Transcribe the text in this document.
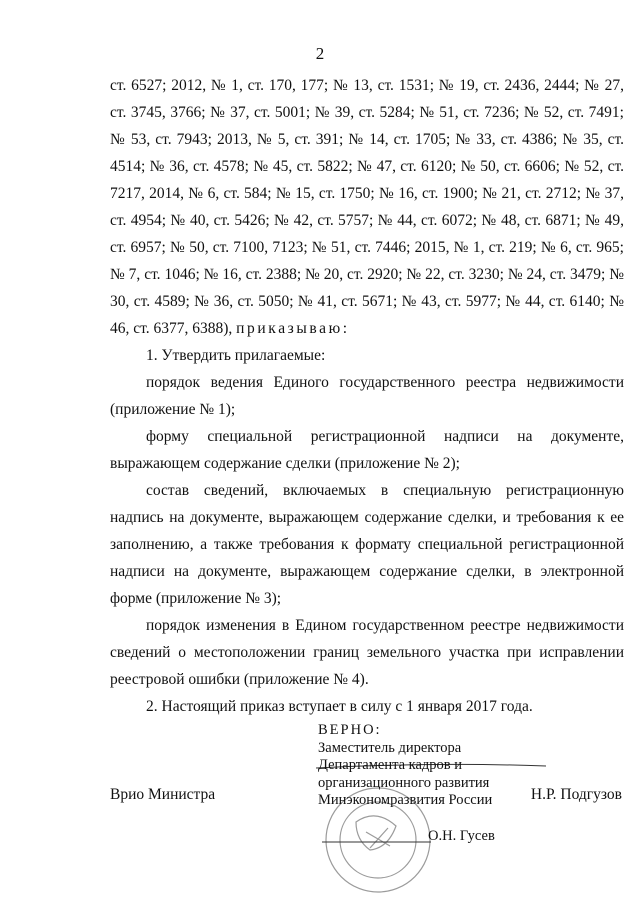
2

ст. 6527; 2012, № 1, ст. 170, 177; № 13, ст. 1531; № 19, ст. 2436, 2444; № 27, ст. 3745, 3766; № 37, ст. 5001; № 39, ст. 5284; № 51, ст. 7236; № 52, ст. 7491; № 53, ст. 7943; 2013, № 5, ст. 391; № 14, ст. 1705; № 33, ст. 4386; № 35, ст. 4514; № 36, ст. 4578; № 45, ст. 5822; № 47, ст. 6120; № 50, ст. 6606; № 52, ст. 7217, 2014, № 6, ст. 584; № 15, ст. 1750; № 16, ст. 1900; № 21, ст. 2712; № 37, ст. 4954; № 40, ст. 5426; № 42, ст. 5757; № 44, ст. 6072; № 48, ст. 6871; № 49, ст. 6957; № 50, ст. 7100, 7123; № 51, ст. 7446; 2015, № 1, ст. 219; № 6, ст. 965; № 7, ст. 1046; № 16, ст. 2388; № 20, ст. 2920; № 22, ст. 3230; № 24, ст. 3479; № 30, ст. 4589; № 36, ст. 5050; № 41, ст. 5671; № 43, ст. 5977; № 44, ст. 6140; № 46, ст. 6377, 6388), приказываю:

1. Утвердить прилагаемые:

порядок ведения Единого государственного реестра недвижимости (приложение № 1);

форму специальной регистрационной надписи на документе, выражающем содержание сделки (приложение № 2);

состав сведений, включаемых в специальную регистрационную надпись на документе, выражающем содержание сделки, и требования к ее заполнению, а также требования к формату специальной регистрационной надписи на документе, выражающем содержание сделки, в электронной форме (приложение № 3);

порядок изменения в Едином государственном реестре недвижимости сведений о местоположении границ земельного участка при исправлении реестровой ошибки (приложение № 4).

2. Настоящий приказ вступает в силу с 1 января 2017 года.

ВЕРНО:
Заместитель директора
Департамента кадров и
организационного развития
Минэкономразвития России
О.Н. Гусев
Врио Министра	Н.Р. Подгузов
